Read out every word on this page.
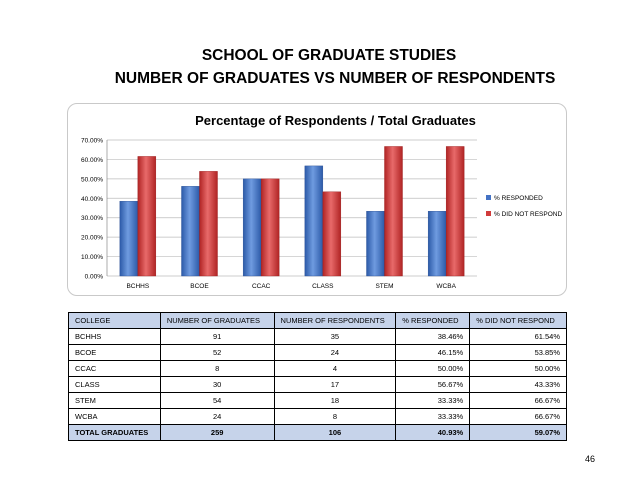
SCHOOL OF GRADUATE STUDIES
NUMBER OF GRADUATES VS NUMBER OF RESPONDENTS
Percentage of Respondents / Total Graduates
0.00%
10.00%
20.00%
30.00%
40.00%
50.00%
60.00%
70.00%
BCHHS	BCOE	CCAC	CLASS	STEM	WCBA
% RESPONDED
% DID NOT RESPOND
COLLEGE	NUMBER OF GRADUATES	NUMBER OF RESPONDENTS	% RESPONDED	% DID NOT RESPOND
BCHHS	91	35	38.46%	61.54%
BCOE	52	24	46.15%	53.85%
CCAC	8	4	50.00%	50.00%
CLASS	30	17	56.67%	43.33%
STEM	54	18	33.33%	66.67%
WCBA	24	8	33.33%	66.67%
TOTAL GRADUATES	259	106	40.93%	59.07%
46
